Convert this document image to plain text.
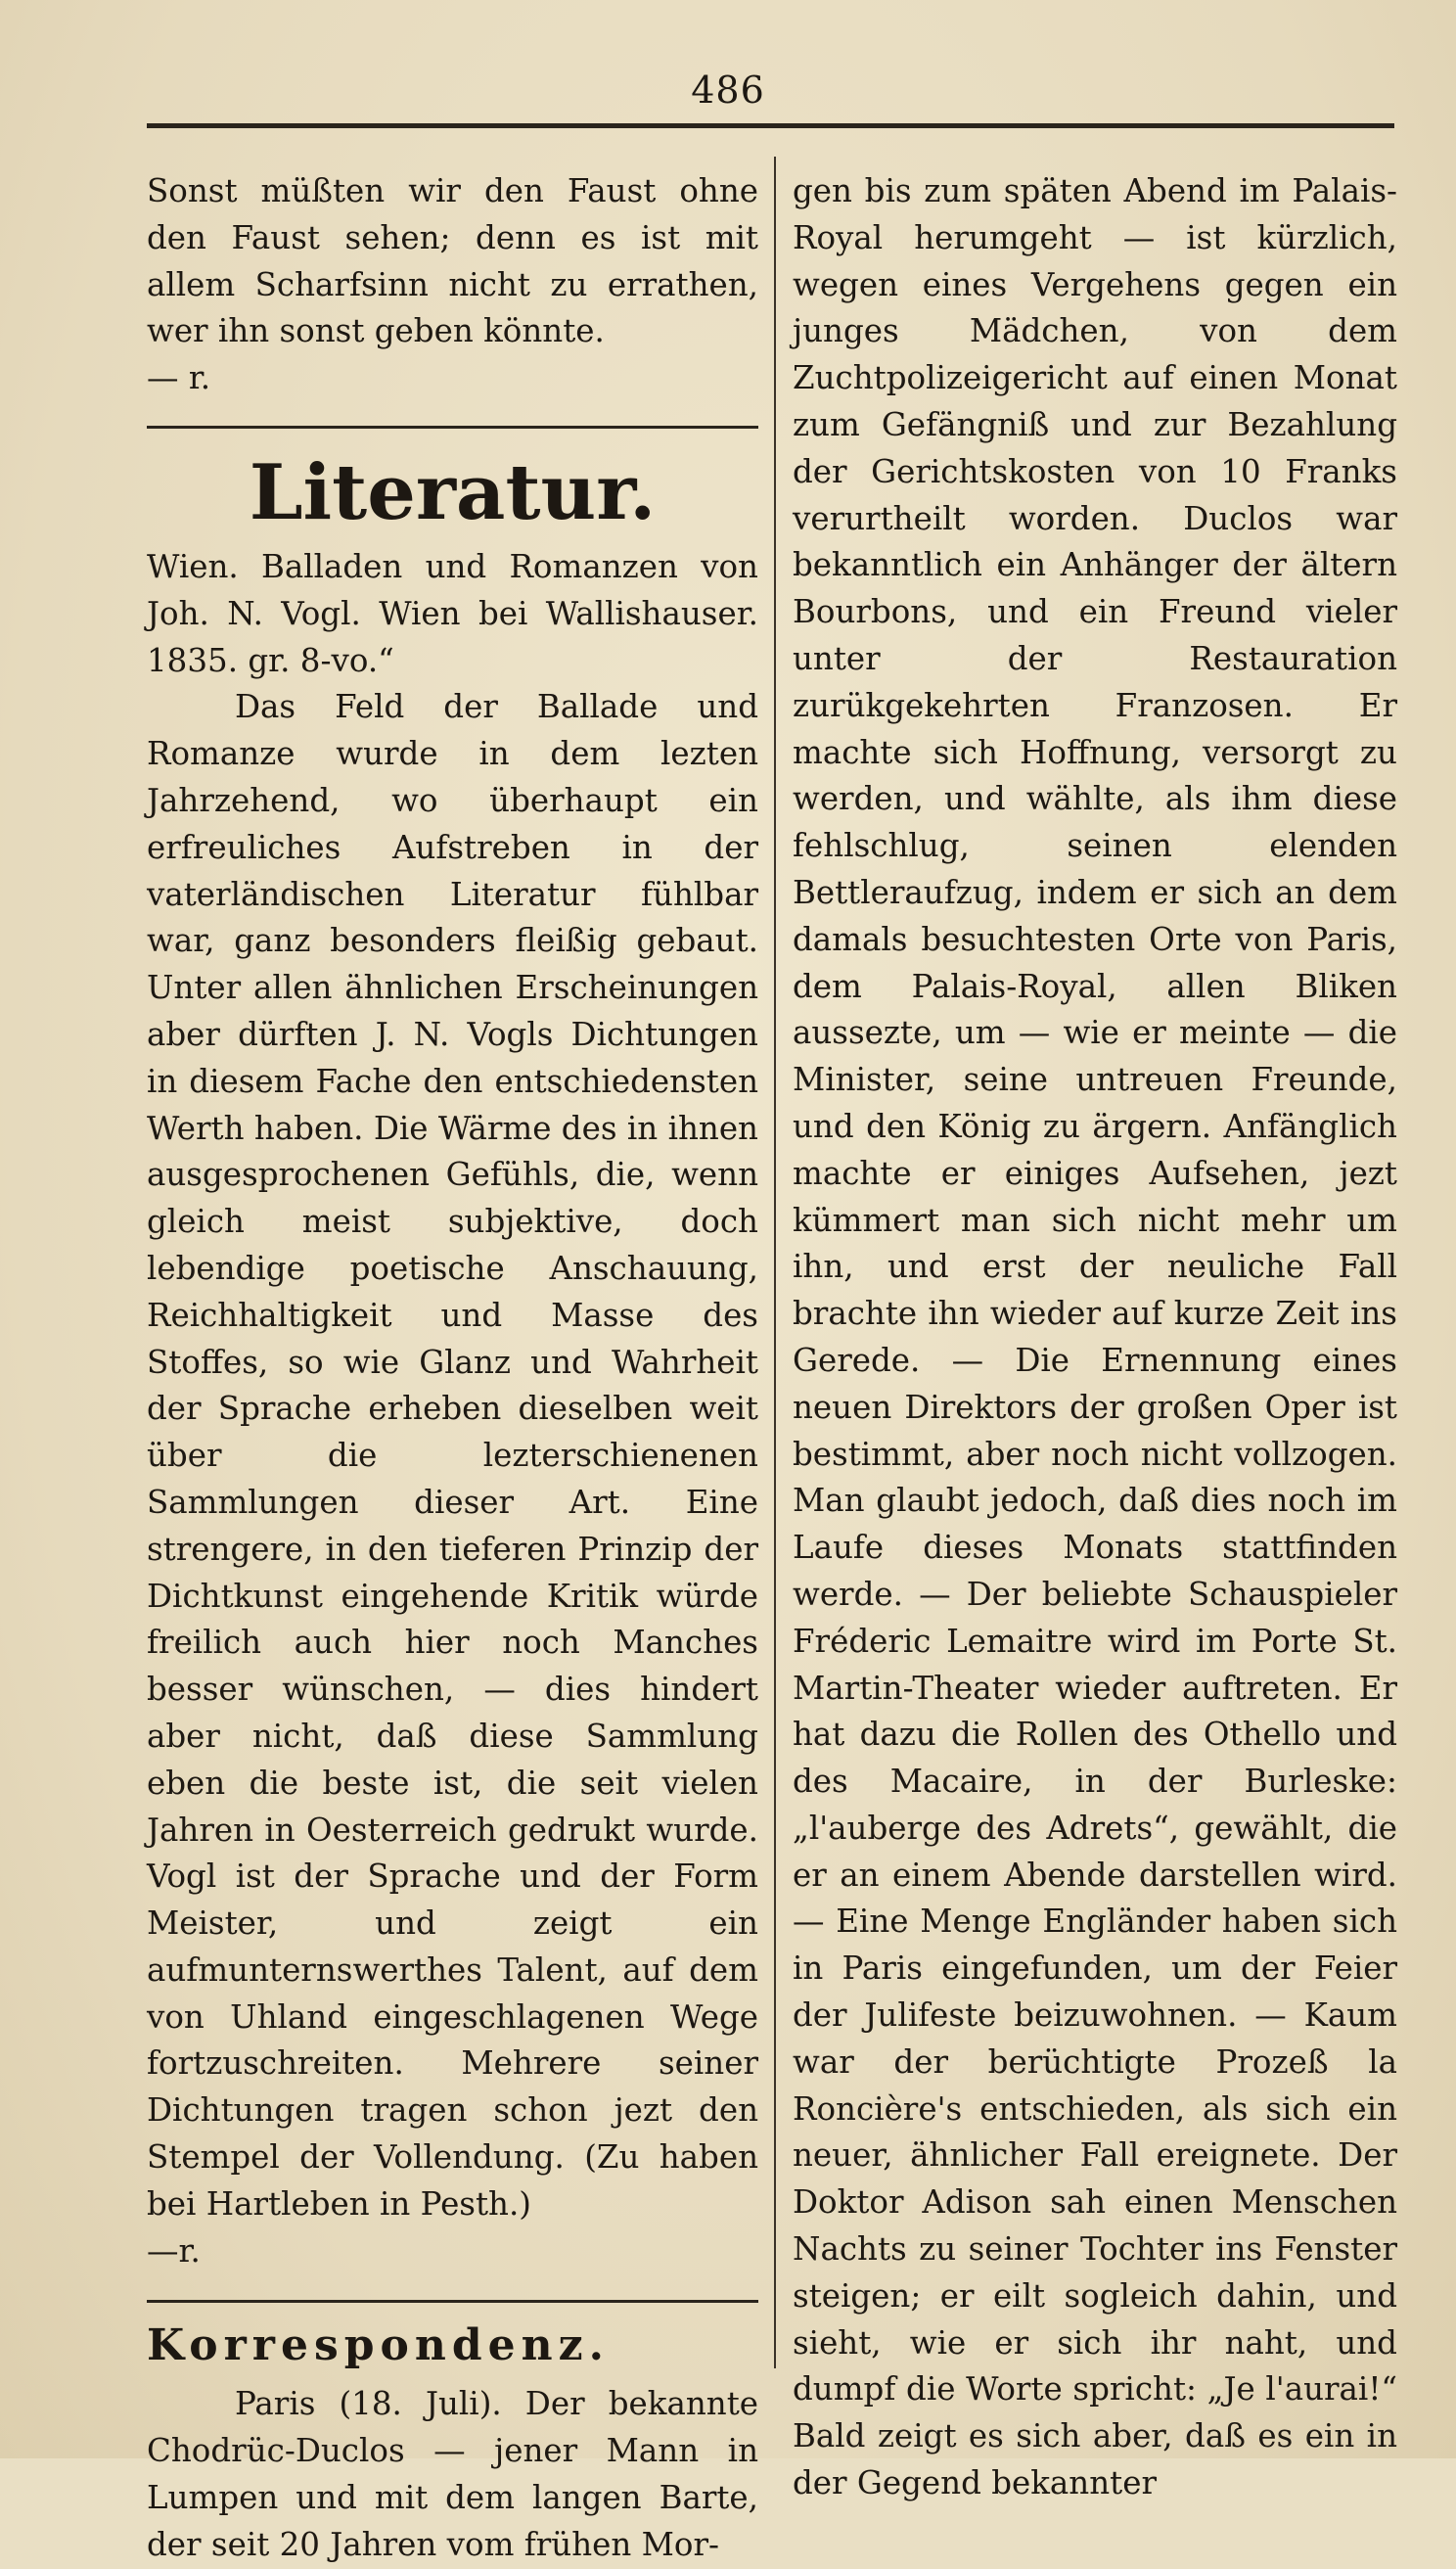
486

Sonst müßten wir den Faust ohne den Faust sehen; denn es ist mit allem Scharfsinn nicht zu errathen, wer ihn sonst geben könnte.

— r.

Literatur.

Wien. Balladen und Romanzen von Joh. N. Vogl. Wien bei Wallishauser. 1835. gr. 8-vo.“

Das Feld der Ballade und Romanze wurde in dem lezten Jahrzehend, wo überhaupt ein erfreuliches Aufstreben in der vaterländischen Literatur fühlbar war, ganz besonders fleißig gebaut. Unter allen ähnlichen Erscheinungen aber dürften J. N. Vogls Dichtungen in diesem Fache den entschiedensten Werth haben. Die Wärme des in ihnen ausgesprochenen Gefühls, die, wenn gleich meist subjektive, doch lebendige poetische Anschauung, Reichhaltigkeit und Masse des Stoffes, so wie Glanz und Wahrheit der Sprache erheben dieselben weit über die lezterschienenen Sammlungen dieser Art. Eine strengere, in den tieferen Prinzip der Dichtkunst eingehende Kritik würde freilich auch hier noch Manches besser wünschen, — dies hindert aber nicht, daß diese Sammlung eben die beste ist, die seit vielen Jahren in Oesterreich gedrukt wurde. Vogl ist der Sprache und der Form Meister, und zeigt ein aufmunternswerthes Talent, auf dem von Uhland eingeschlagenen Wege fortzuschreiten. Mehrere seiner Dichtungen tragen schon jezt den Stempel der Vollendung. (Zu haben bei Hartleben in Pesth.)

—r.

Korrespondenz.

Paris (18. Juli). Der bekannte Chodrüc-Duclos — jener Mann in Lumpen und mit dem langen Barte, der seit 20 Jahren vom frühen Mor-

gen bis zum späten Abend im Palais-Royal herumgeht — ist kürzlich, wegen eines Vergehens gegen ein junges Mädchen, von dem Zuchtpolizeigericht auf einen Monat zum Gefängniß und zur Bezahlung der Gerichtskosten von 10 Franks verurtheilt worden. Duclos war bekanntlich ein Anhänger der ältern Bourbons, und ein Freund vieler unter der Restauration zurükgekehrten Franzosen. Er machte sich Hoffnung, versorgt zu werden, und wählte, als ihm diese fehlschlug, seinen elenden Bettleraufzug, indem er sich an dem damals besuchtesten Orte von Paris, dem Palais-Royal, allen Bliken aussezte, um — wie er meinte — die Minister, seine untreuen Freunde, und den König zu ärgern. Anfänglich machte er einiges Aufsehen, jezt kümmert man sich nicht mehr um ihn, und erst der neuliche Fall brachte ihn wieder auf kurze Zeit ins Gerede. — Die Ernennung eines neuen Direktors der großen Oper ist bestimmt, aber noch nicht vollzogen. Man glaubt jedoch, daß dies noch im Laufe dieses Monats stattfinden werde. — Der beliebte Schauspieler Fréderic Lemaitre wird im Porte St. Martin-Theater wieder auftreten. Er hat dazu die Rollen des Othello und des Macaire, in der Burleske: „l'auberge des Adrets“, gewählt, die er an einem Abende darstellen wird. — Eine Menge Engländer haben sich in Paris eingefunden, um der Feier der Julifeste beizuwohnen. — Kaum war der berüchtigte Prozeß la Roncière's entschieden, als sich ein neuer, ähnlicher Fall ereignete. Der Doktor Adison sah einen Menschen Nachts zu seiner Tochter ins Fenster steigen; er eilt sogleich dahin, und sieht, wie er sich ihr naht, und dumpf die Worte spricht: „Je l'aurai!“ Bald zeigt es sich aber, daß es ein in der Gegend bekannter
